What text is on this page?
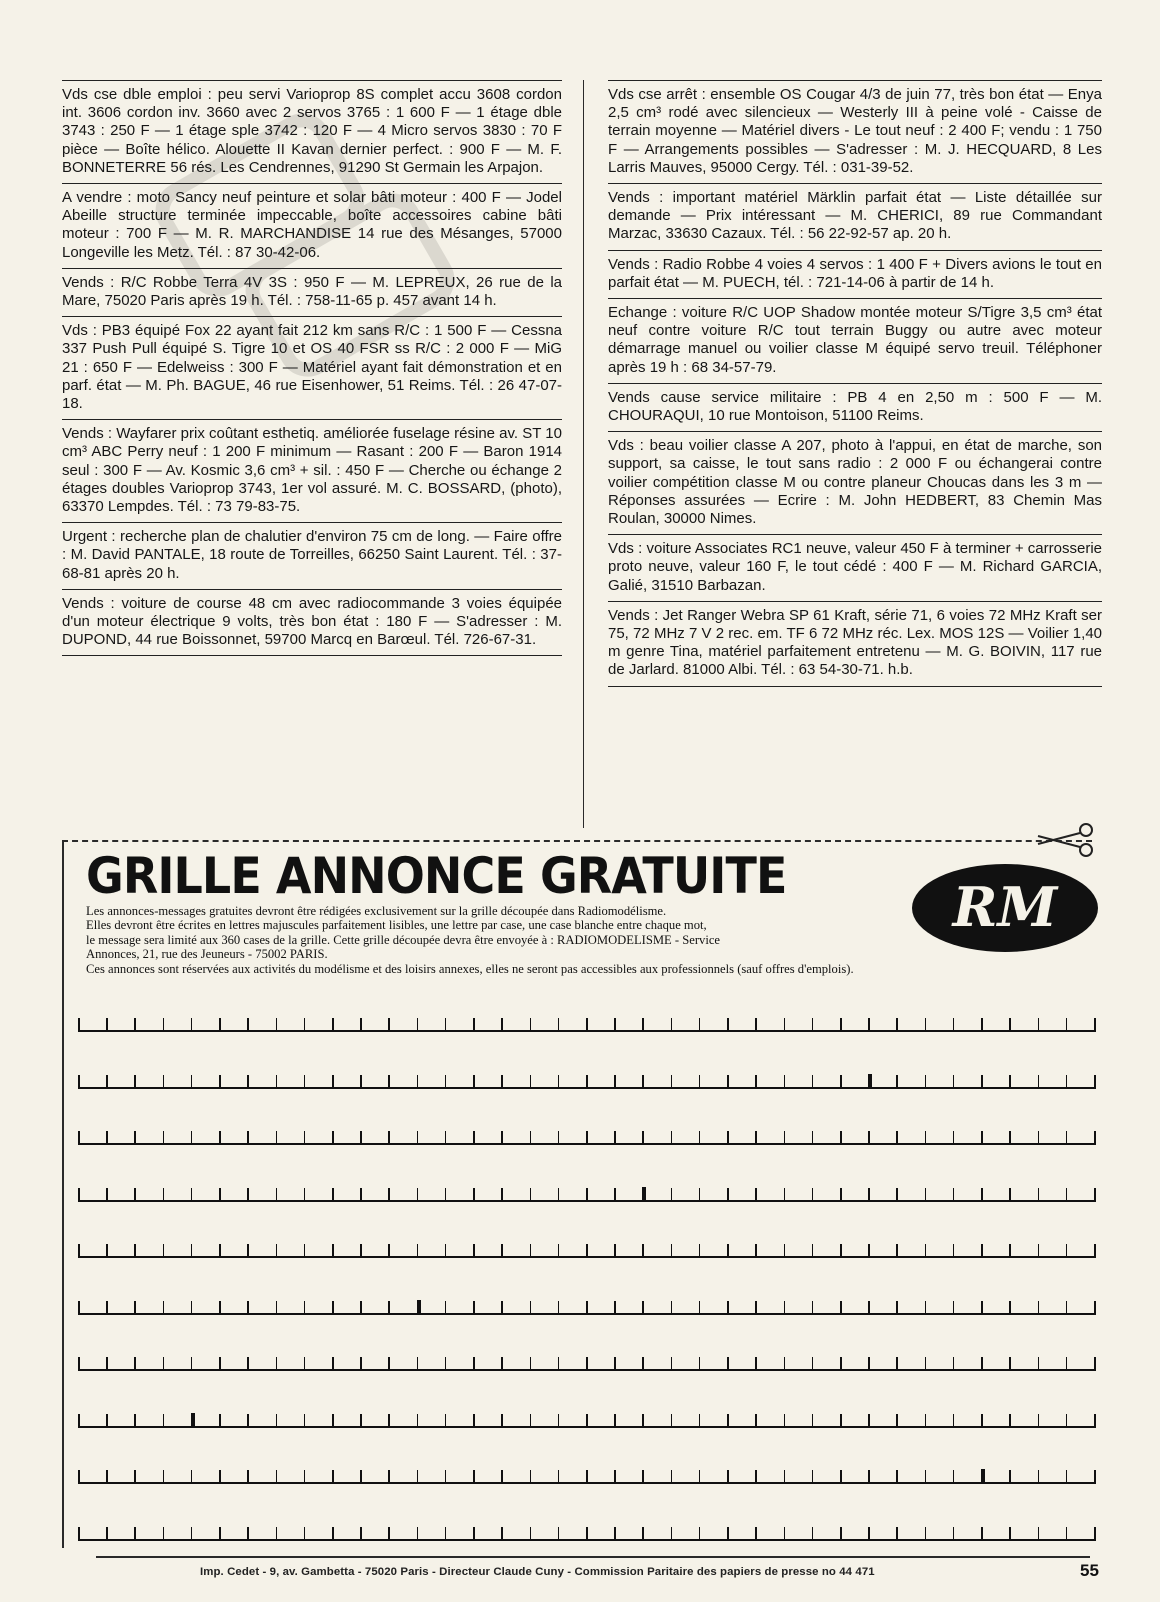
Vds cse dble emploi : peu servi Varioprop 8S complet accu 3608 cordon int. 3606 cordon inv. 3660 avec 2 servos 3765 : 1 600 F — 1 étage dble 3743 : 250 F — 1 étage sple 3742 : 120 F — 4 Micro servos 3830 : 70 F pièce — Boîte hélico. Alouette II Kavan dernier perfect. : 900 F — M. F. BONNETERRE 56 rés. Les Cendrennes, 91290 St Germain les Arpajon.

A vendre : moto Sancy neuf peinture et solar bâti moteur : 400 F — Jodel Abeille structure terminée impeccable, boîte accessoires cabine bâti moteur : 700 F — M. R. MARCHANDISE 14 rue des Mésanges, 57000 Longeville les Metz. Tél. : 87 30-42-06.

Vends : R/C Robbe Terra 4V 3S : 950 F — M. LEPREUX, 26 rue de la Mare, 75020 Paris après 19 h. Tél. : 758-11-65 p. 457 avant 14 h.

Vds : PB3 équipé Fox 22 ayant fait 212 km sans R/C : 1 500 F — Cessna 337 Push Pull équipé S. Tigre 10 et OS 40 FSR ss R/C : 2 000 F — MiG 21 : 650 F — Edelweiss : 300 F — Matériel ayant fait démonstration et en parf. état — M. Ph. BAGUE, 46 rue Eisenhower, 51 Reims. Tél. : 26 47-07-18.

Vends : Wayfarer prix coûtant esthetiq. améliorée fuselage résine av. ST 10 cm³ ABC Perry neuf : 1 200 F minimum — Rasant : 200 F — Baron 1914 seul : 300 F — Av. Kosmic 3,6 cm³ + sil. : 450 F — Cherche ou échange 2 étages doubles Varioprop 3743, 1er vol assuré. M. C. BOSSARD, (photo), 63370 Lempdes. Tél. : 73 79-83-75.

Urgent : recherche plan de chalutier d'environ 75 cm de long. — Faire offre : M. David PANTALE, 18 route de Torreilles, 66250 Saint Laurent. Tél. : 37-68-81 après 20 h.

Vends : voiture de course 48 cm avec radiocommande 3 voies équipée d'un moteur électrique 9 volts, très bon état : 180 F — S'adresser : M. DUPOND, 44 rue Boissonnet, 59700 Marcq en Barœul. Tél. 726-67-31.

Vds cse arrêt : ensemble OS Cougar 4/3 de juin 77, très bon état — Enya 2,5 cm³ rodé avec silencieux — Westerly III à peine volé - Caisse de terrain moyenne — Matériel divers - Le tout neuf : 2 400 F; vendu : 1 750 F — Arrangements possibles — S'adresser : M. J. HECQUARD, 8 Les Larris Mauves, 95000 Cergy. Tél. : 031-39-52.

Vends : important matériel Märklin parfait état — Liste détaillée sur demande — Prix intéressant — M. CHERICI, 89 rue Commandant Marzac, 33630 Cazaux. Tél. : 56 22-92-57 ap. 20 h.

Vends : Radio Robbe 4 voies 4 servos : 1 400 F + Divers avions le tout en parfait état — M. PUECH, tél. : 721-14-06 à partir de 14 h.

Echange : voiture R/C UOP Shadow montée moteur S/Tigre 3,5 cm³ état neuf contre voiture R/C tout terrain Buggy ou autre avec moteur démarrage manuel ou voilier classe M équipé servo treuil. Téléphoner après 19 h : 68 34-57-79.

Vends cause service militaire : PB 4 en 2,50 m : 500 F — M. CHOURAQUI, 10 rue Montoison, 51100 Reims.

Vds : beau voilier classe A 207, photo à l'appui, en état de marche, son support, sa caisse, le tout sans radio : 2 000 F ou échangerai contre voilier compétition classe M ou contre planeur Choucas dans les 3 m — Réponses assurées — Ecrire : M. John HEDBERT, 83 Chemin Mas Roulan, 30000 Nimes.

Vds : voiture Associates RC1 neuve, valeur 450 F à terminer + carrosserie proto neuve, valeur 160 F, le tout cédé : 400 F — M. Richard GARCIA, Galié, 31510 Barbazan.

Vends : Jet Ranger Webra SP 61 Kraft, série 71, 6 voies 72 MHz Kraft ser 75, 72 MHz 7 V 2 rec. em. TF 6 72 MHz réc. Lex. MOS 12S — Voilier 1,40 m genre Tina, matériel parfaitement entretenu — M. G. BOIVIN, 117 rue de Jarlard. 81000 Albi. Tél. : 63 54-30-71. h.b.

GRILLE ANNONCE GRATUITE

Les annonces-messages gratuites devront être rédigées exclusivement sur la grille découpée dans Radiomodélisme.

Elles devront être écrites en lettres majuscules parfaitement lisibles, une lettre par case, une case blanche entre chaque mot,

le message sera limité aux 360 cases de la grille. Cette grille découpée devra être envoyée à : RADIOMODELISME - Service

Annonces, 21, rue des Jeuneurs - 75002 PARIS.

Ces annonces sont réservées aux activités du modélisme et des loisirs annexes, elles ne seront pas accessibles aux professionnels (sauf offres d'emplois).

RM
Imp. Cedet - 9, av. Gambetta - 75020 Paris - Directeur Claude Cuny - Commission Paritaire des papiers de presse no 44 471	55
